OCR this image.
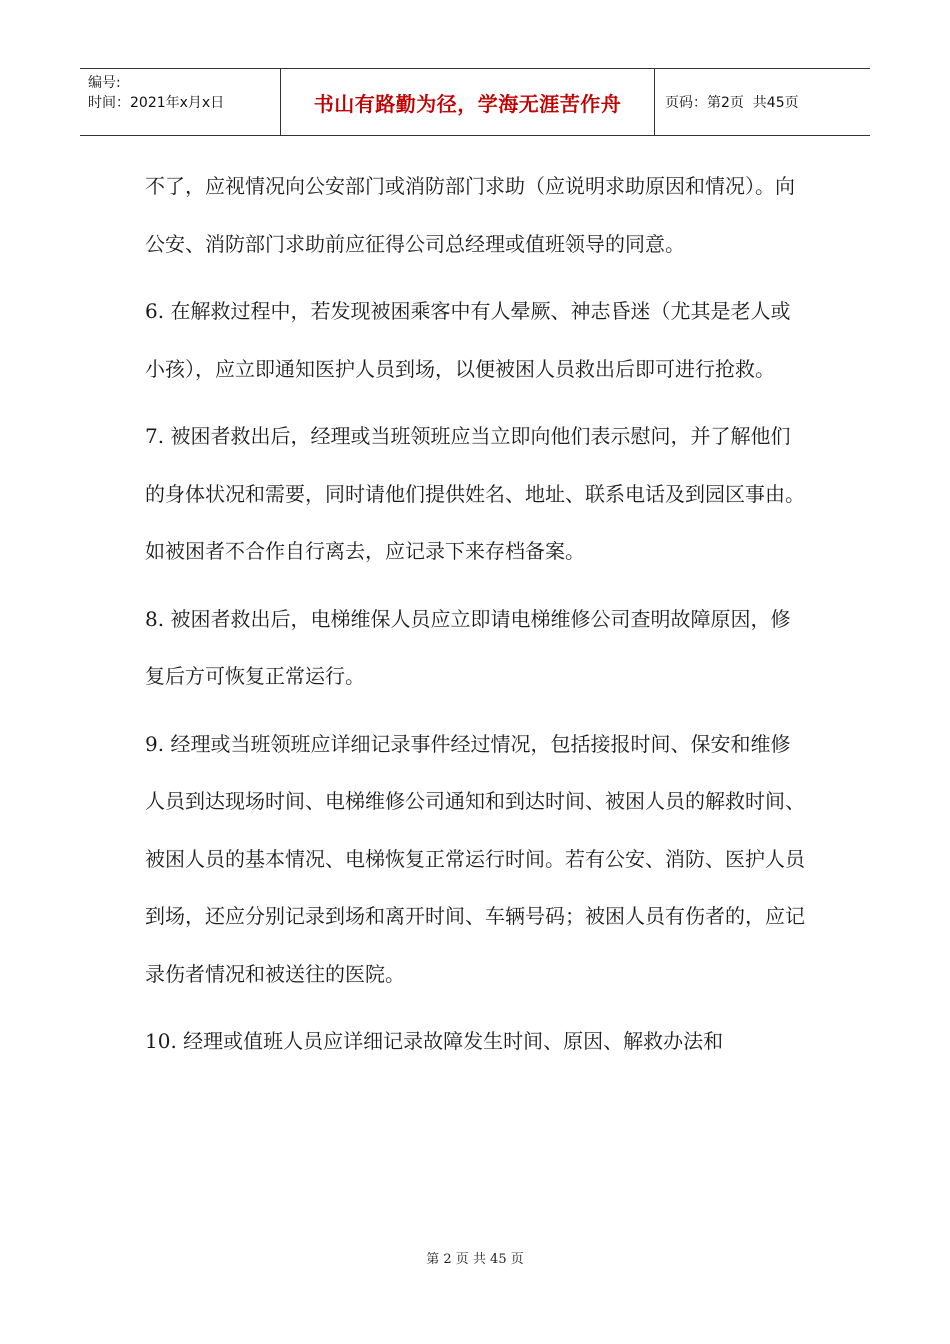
编号:
时间：2021年x月x日	书山有路勤为径，学海无涯苦作舟	页码：第2页  共45页

不了，应视情况向公安部门或消防部门求助（应说明求助原因和情况）。向公安、消防部门求助前应征得公司总经理或值班领导的同意。

6. 在解救过程中，若发现被困乘客中有人晕厥、神志昏迷（尤其是老人或小孩），应立即通知医护人员到场，以便被困人员救出后即可进行抢救。

7. 被困者救出后，经理或当班领班应当立即向他们表示慰问，并了解他们的身体状况和需要，同时请他们提供姓名、地址、联系电话及到园区事由。如被困者不合作自行离去，应记录下来存档备案。

8. 被困者救出后，电梯维保人员应立即请电梯维修公司查明故障原因，修复后方可恢复正常运行。

9. 经理或当班领班应详细记录事件经过情况，包括接报时间、保安和维修人员到达现场时间、电梯维修公司通知和到达时间、被困人员的解救时间、被困人员的基本情况、电梯恢复正常运行时间。若有公安、消防、医护人员到场，还应分别记录到场和离开时间、车辆号码；被困人员有伤者的，应记录伤者情况和被送往的医院。

10. 经理或值班人员应详细记录故障发生时间、原因、解救办法和

第 2 页 共 45 页
